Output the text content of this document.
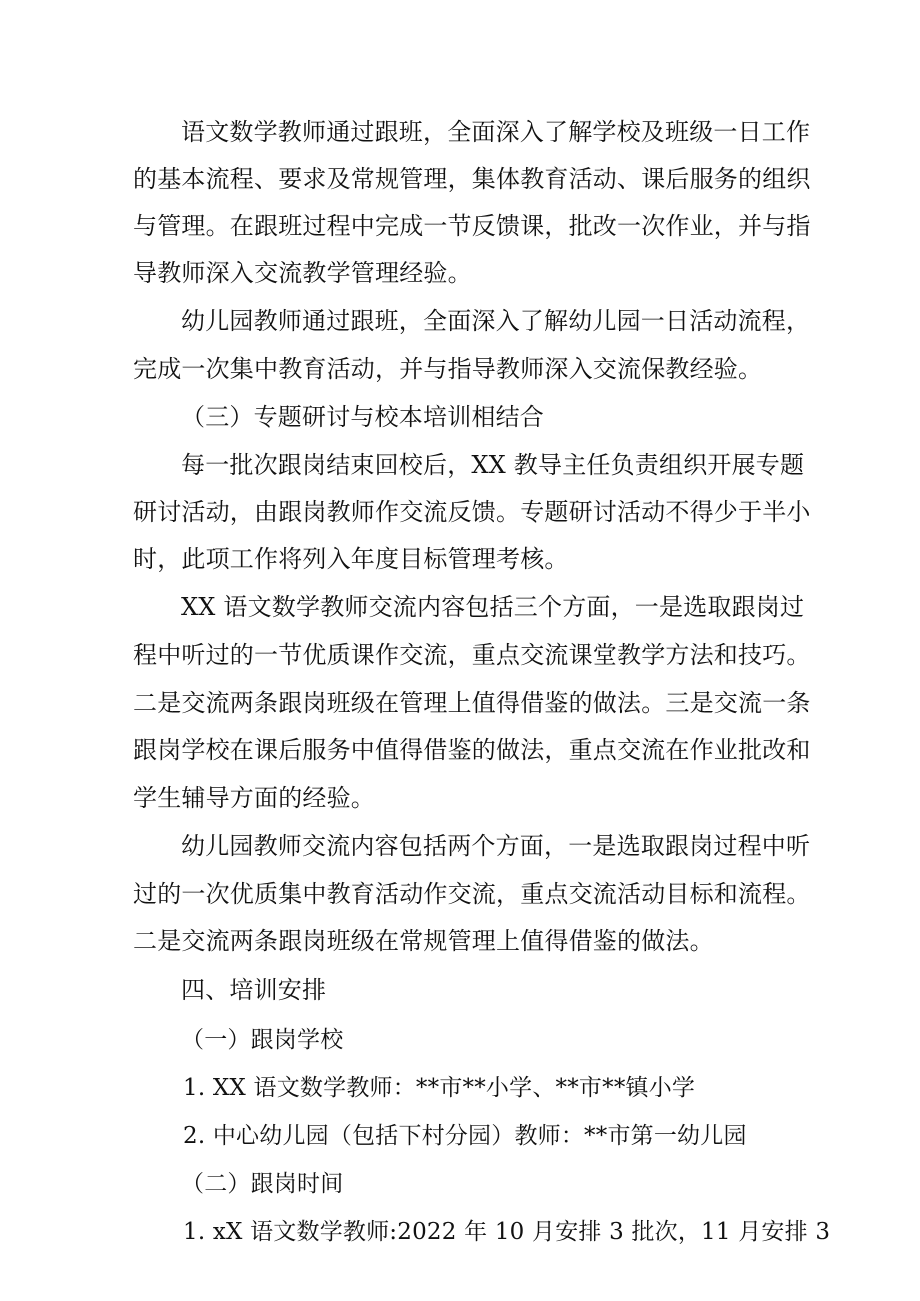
语文数学教师通过跟班，全面深入了解学校及班级一日工作
的基本流程、要求及常规管理，集体教育活动、课后服务的组织
与管理。在跟班过程中完成一节反馈课，批改一次作业，并与指
导教师深入交流教学管理经验。
幼儿园教师通过跟班，全面深入了解幼儿园一日活动流程，
完成一次集中教育活动，并与指导教师深入交流保教经验。
（三）专题研讨与校本培训相结合
每一批次跟岗结束回校后，XX 教导主任负责组织开展专题
研讨活动，由跟岗教师作交流反馈。专题研讨活动不得少于半小
时，此项工作将列入年度目标管理考核。
XX 语文数学教师交流内容包括三个方面，一是选取跟岗过
程中听过的一节优质课作交流，重点交流课堂教学方法和技巧。
二是交流两条跟岗班级在管理上值得借鉴的做法。三是交流一条
跟岗学校在课后服务中值得借鉴的做法，重点交流在作业批改和
学生辅导方面的经验。
幼儿园教师交流内容包括两个方面，一是选取跟岗过程中听
过的一次优质集中教育活动作交流，重点交流活动目标和流程。
二是交流两条跟岗班级在常规管理上值得借鉴的做法。
四、培训安排
（一）跟岗学校
1. XX 语文数学教师：**市**小学、**市**镇小学
2. 中心幼儿园（包括下村分园）教师：**市第一幼儿园
（二）跟岗时间
1. xX 语文数学教师:2022 年 10 月安排 3 批次，11 月安排 3
